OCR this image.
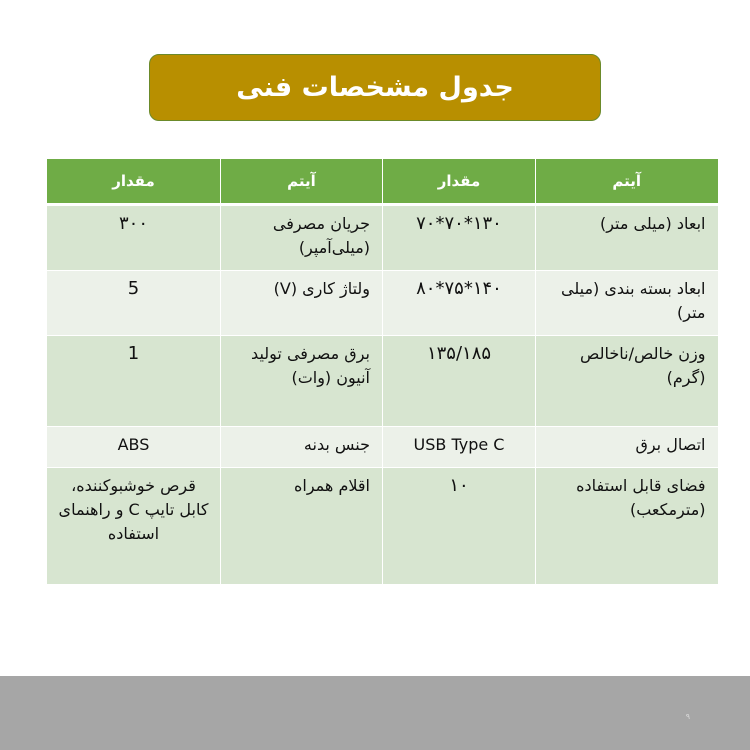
جدول مشخصات فنی
آیتم	مقدار	آیتم	مقدار
ابعاد (میلی متر)	۱۳۰*۷۰*۷۰	جریان مصرفی (میلی‌آمپر)	۳۰۰
ابعاد بسته بندی (میلی متر)	۱۴۰*۷۵*۸۰	ولتاژ کاری (V)	5
وزن خالص/ناخالص (گرم)	۱۳۵/۱۸۵	برق مصرفی تولید آنیون (وات)	1
اتصال برق	USB Type C	جنس بدنه	ABS
فضای قابل استفاده (مترمکعب)	۱۰	اقلام همراه	قرص خوشبوکننده، کابل تایپ C و راهنمای استفاده
۹
